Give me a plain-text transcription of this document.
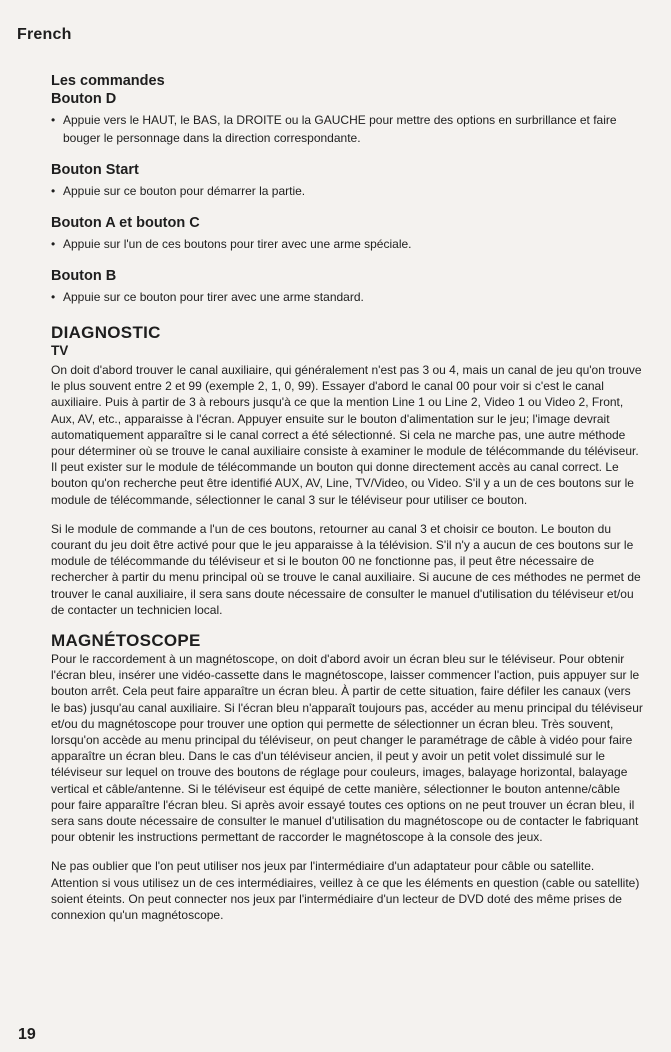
French
Les commandes
Bouton D

• Appuie vers le HAUT, le BAS, la DROITE ou la GAUCHE pour mettre des options en surbrillance et faire bouger le personnage dans la direction correspondante.

Bouton Start

• Appuie sur ce bouton pour démarrer la partie.

Bouton A et bouton C

• Appuie sur l'un de ces boutons pour tirer avec une arme spéciale.

Bouton B

• Appuie sur ce bouton pour tirer avec une arme standard.

DIAGNOSTIC
TV

On doit d'abord trouver le canal auxiliaire, qui généralement n'est pas 3 ou 4, mais un canal de jeu qu'on trouve le plus souvent entre 2 et 99 (exemple 2, 1, 0, 99). Essayer d'abord le canal 00 pour voir si c'est le canal auxiliaire. Puis à partir de 3 à rebours jusqu'à ce que la mention Line 1 ou Line 2, Video 1 ou Video 2, Front, Aux, AV, etc., apparaisse à l'écran. Appuyer ensuite sur le bouton d'alimentation sur le jeu; l'image devrait automatiquement apparaître si le canal correct a été sélectionné. Si cela ne marche pas, une autre méthode pour déterminer où se trouve le canal auxiliaire consiste à examiner le module de télécommande du téléviseur. Il peut exister sur le module de télécommande un bouton qui donne directement accès au canal correct. Le bouton qu'on recherche peut être identifié AUX, AV, Line, TV/Video, ou Video. S'il y a un de ces boutons sur le module de télécommande, sélectionner le canal 3 sur le téléviseur pour utiliser ce bouton.

Si le module de commande a l'un de ces boutons, retourner au canal 3 et choisir ce bouton. Le bouton du courant du jeu doit être activé pour que le jeu apparaisse à la télévision. S'il n'y a aucun de ces boutons sur le module de télécommande du téléviseur et si le bouton 00 ne fonctionne pas, il peut être nécessaire de rechercher à partir du menu principal où se trouve le canal auxiliaire. Si aucune de ces méthodes ne permet de trouver le canal auxiliaire, il sera sans doute nécessaire de consulter le manuel d'utilisation du téléviseur et/ou de contacter un technicien local.

MAGNÉTOSCOPE

Pour le raccordement à un magnétoscope, on doit d'abord avoir un écran bleu sur le téléviseur. Pour obtenir l'écran bleu, insérer une vidéo-cassette dans le magnétoscope, laisser commencer l'action, puis appuyer sur le bouton arrêt. Cela peut faire apparaître un écran bleu. À partir de cette situation, faire défiler les canaux (vers le bas) jusqu'au canal auxiliaire. Si l'écran bleu n'apparaît toujours pas, accéder au menu principal du téléviseur et/ou du magnétoscope pour trouver une option qui permette de sélectionner un écran bleu. Très souvent, lorsqu'on accède au menu principal du téléviseur, on peut changer le paramétrage de câble à vidéo pour faire apparaître un écran bleu. Dans le cas d'un téléviseur ancien, il peut y avoir un petit volet dissimulé sur le téléviseur sur lequel on trouve des boutons de réglage pour couleurs, images, balayage horizontal, balayage vertical et câble/antenne. Si le téléviseur est équipé de cette manière, sélectionner le bouton antenne/câble pour faire apparaître l'écran bleu. Si après avoir essayé toutes ces options on ne peut trouver un écran bleu, il sera sans doute nécessaire de consulter le manuel d'utilisation du magnétoscope ou de contacter le fabriquant pour obtenir les instructions permettant de raccorder le magnétoscope à la console des jeux.

Ne pas oublier que l'on peut utiliser nos jeux par l'intermédiaire d'un adaptateur pour câble ou satellite. Attention si vous utilisez un de ces intermédiaires, veillez à ce que les éléments en question (cable ou satellite) soient éteints. On peut connecter nos jeux par l'intermédiaire d'un lecteur de DVD doté des même prises de connexion qu'un magnétoscope.

19
